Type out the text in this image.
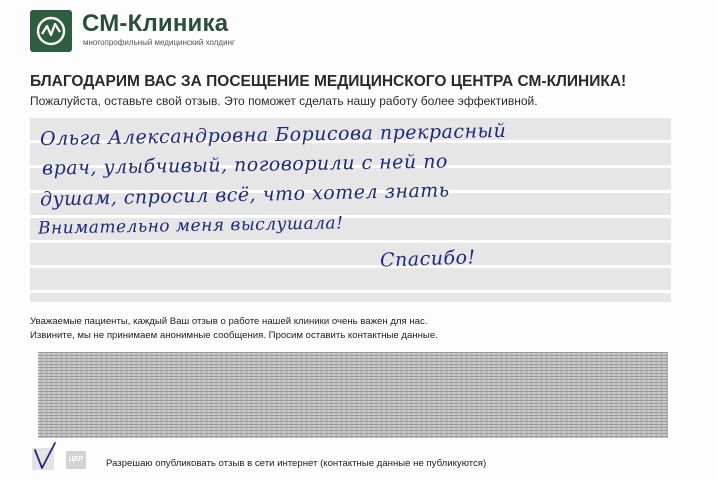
СМ-Клиника
многопрофильный медицинский холдинг
БЛАГОДАРИМ ВАС ЗА ПОСЕЩЕНИЕ МЕДИЦИНСКОГО ЦЕНТРА СМ-КЛИНИКА!
Пожалуйста, оставьте свой отзыв. Это поможет сделать нашу работу более эффективной.
Ольга Александровна Борисова прекрасный
врач, улыбчивый, поговорили с ней по
душам, спросил всё, что хотел знать
Внимательно меня выслушала!
Спасибо!
Уважаемые пациенты, каждый Ваш отзыв о работе нашей клиники очень важен для нас.
Извините, мы не принимаем анонимные сообщения. Просим оставить контактные данные.
ЦЕР Разрешаю опубликовать отзыв в сети интернет (контактные данные не публикуются)
